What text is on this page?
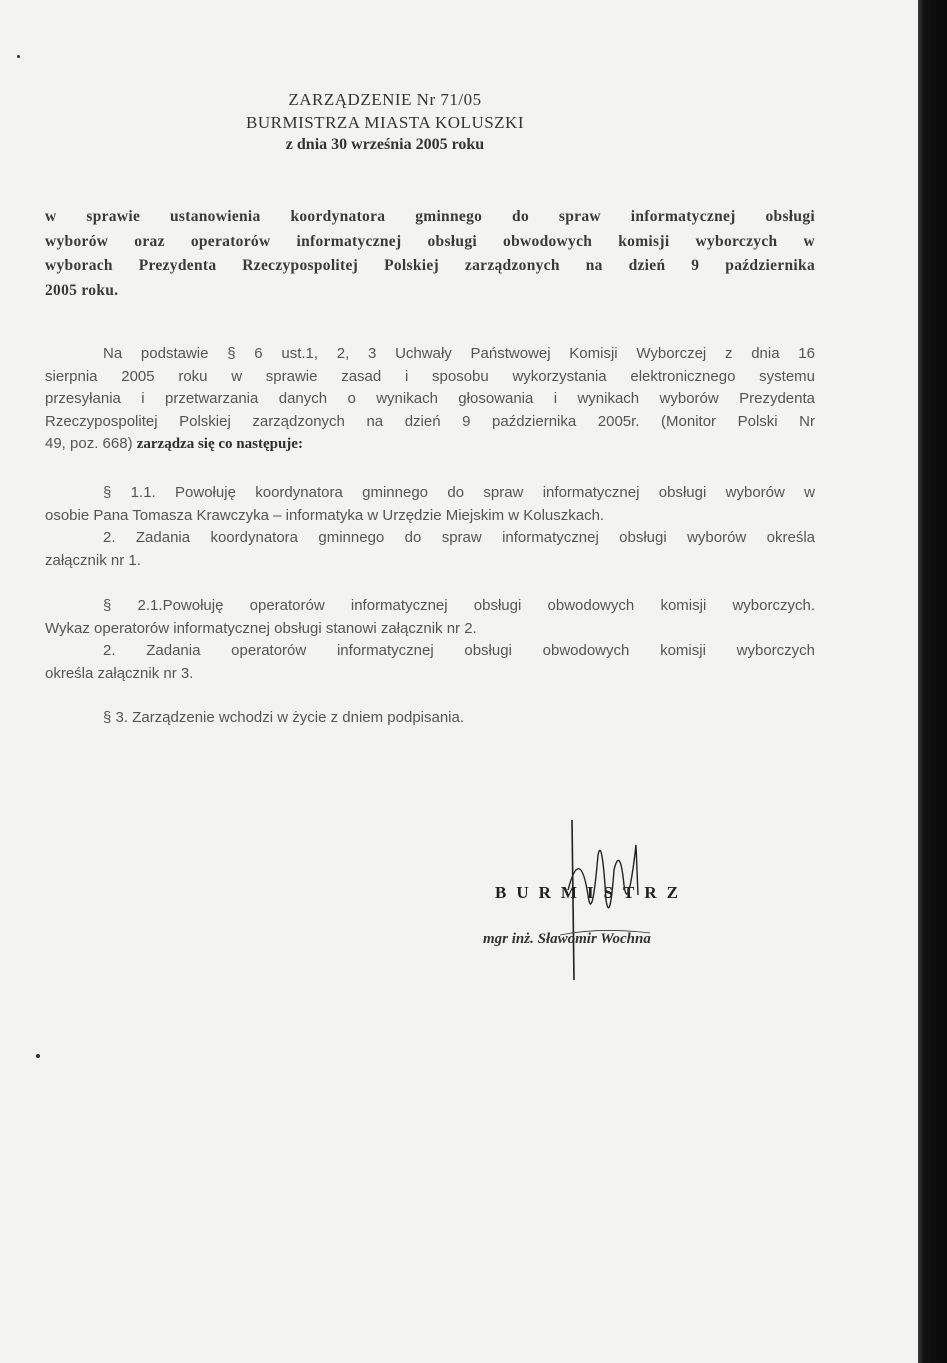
ZARZĄDZENIE Nr 71/05
BURMISTRZA MIASTA KOLUSZKI
z dnia 30 września 2005 roku
w sprawie ustanowienia koordynatora gminnego do spraw informatycznej obsługi
wyborów oraz operatorów informatycznej obsługi obwodowych komisji wyborczych w
wyborach Prezydenta Rzeczypospolitej Polskiej zarządzonych na dzień 9 października
2005 roku.
Na podstawie § 6 ust.1, 2, 3 Uchwały Państwowej Komisji Wyborczej z dnia 16
sierpnia 2005 roku w sprawie zasad i sposobu wykorzystania elektronicznego systemu
przesyłania i przetwarzania danych o wynikach głosowania i wynikach wyborów Prezydenta
Rzeczypospolitej Polskiej zarządzonych na dzień 9 października 2005r. (Monitor Polski Nr
49, poz. 668) zarządza się co następuje:
§ 1.1. Powołuję koordynatora gminnego do spraw informatycznej obsługi wyborów w
osobie Pana Tomasza Krawczyka – informatyka w Urzędzie Miejskim w Koluszkach.
2. Zadania koordynatora gminnego do spraw informatycznej obsługi wyborów określa
załącznik nr 1.
§ 2.1.Powołuję operatorów informatycznej obsługi obwodowych komisji wyborczych.
Wykaz operatorów informatycznej obsługi stanowi załącznik nr 2.
2. Zadania operatorów informatycznej obsługi obwodowych komisji wyborczych
określa załącznik nr 3.
§ 3. Zarządzenie wchodzi w życie z dniem podpisania.
BURMISTRZ
mgr inż. Sławomir Wochna
